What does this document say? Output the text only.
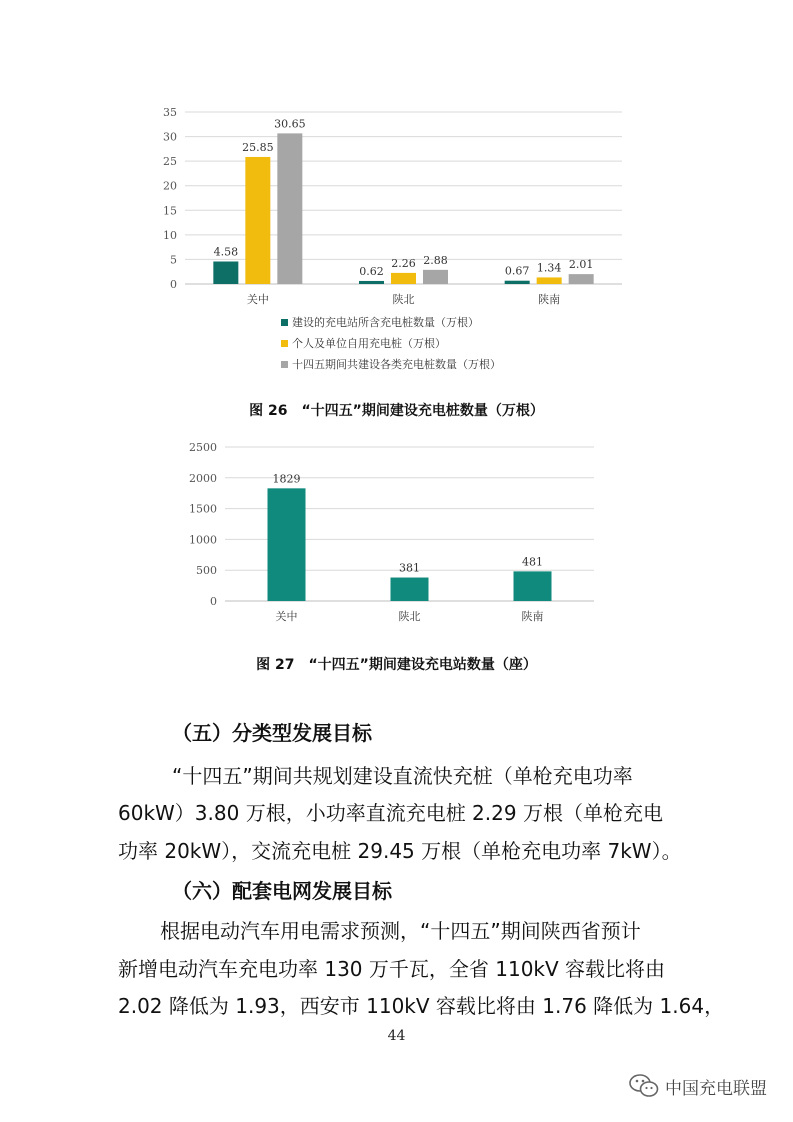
0
5
10
15
20
25
30
35
关中
4.58
25.85
30.65
陕北
0.62
2.26 2.88
陕南
0.67 1.34 2.01
建设的充电站所含充电桩数量（万根）
个人及单位自用充电桩（万根）
十四五期间共建设各类充电桩数量（万根）
图 26　“十四五”期间建设充电桩数量（万根）
0
500
1000
1500
2000
2500
关中
1829
陕北
381
陕南
481
图 27　“十四五”期间建设充电站数量（座）
（五）分类型发展目标
“十四五”期间共规划建设直流快充桩（单枪充电功率
60kW）3.80 万根，小功率直流充电桩 2.29 万根（单枪充电
功率 20kW），交流充电桩 29.45 万根（单枪充电功率 7kW）。
（六）配套电网发展目标
根据电动汽车用电需求预测，“十四五”期间陕西省预计
新增电动汽车充电功率 130 万千瓦，全省 110kV 容载比将由
2.02 降低为 1.93，西安市 110kV 容载比将由 1.76 降低为 1.64，
44
中国充电联盟
